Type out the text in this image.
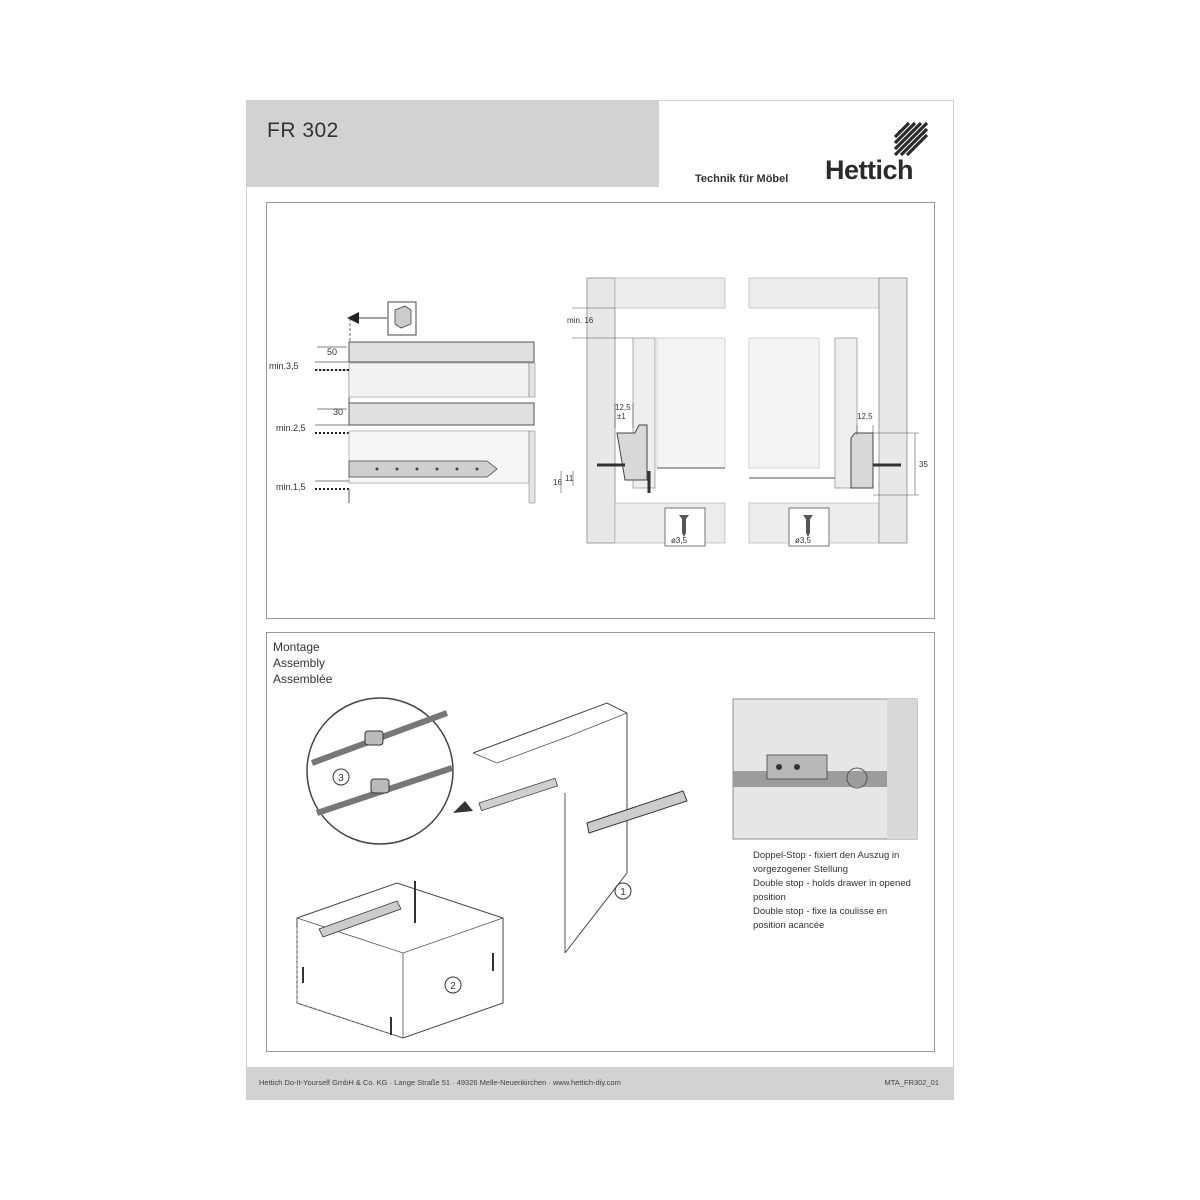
FR 302
Technik für Möbel Hettich
50
min.3,5
30
min.2,5
min.1,5
min. 16
12,5
±1
16 11
ø3,5
12,5
35
ø3,5
Montage
Assembly
Assemblée
3
1
2
Doppel-Stop - fixiert den Auszug in
vorgezogener Stellung
Double stop - holds drawer in opened
position
Double stop - fixe la coulisse en
position acancée
Hettich Do-It-Yourself GmbH & Co. KG · Lange Straße 51 · 49326 Melle-Neuenkirchen · www.hettich-diy.com	MTA_FR302_01
